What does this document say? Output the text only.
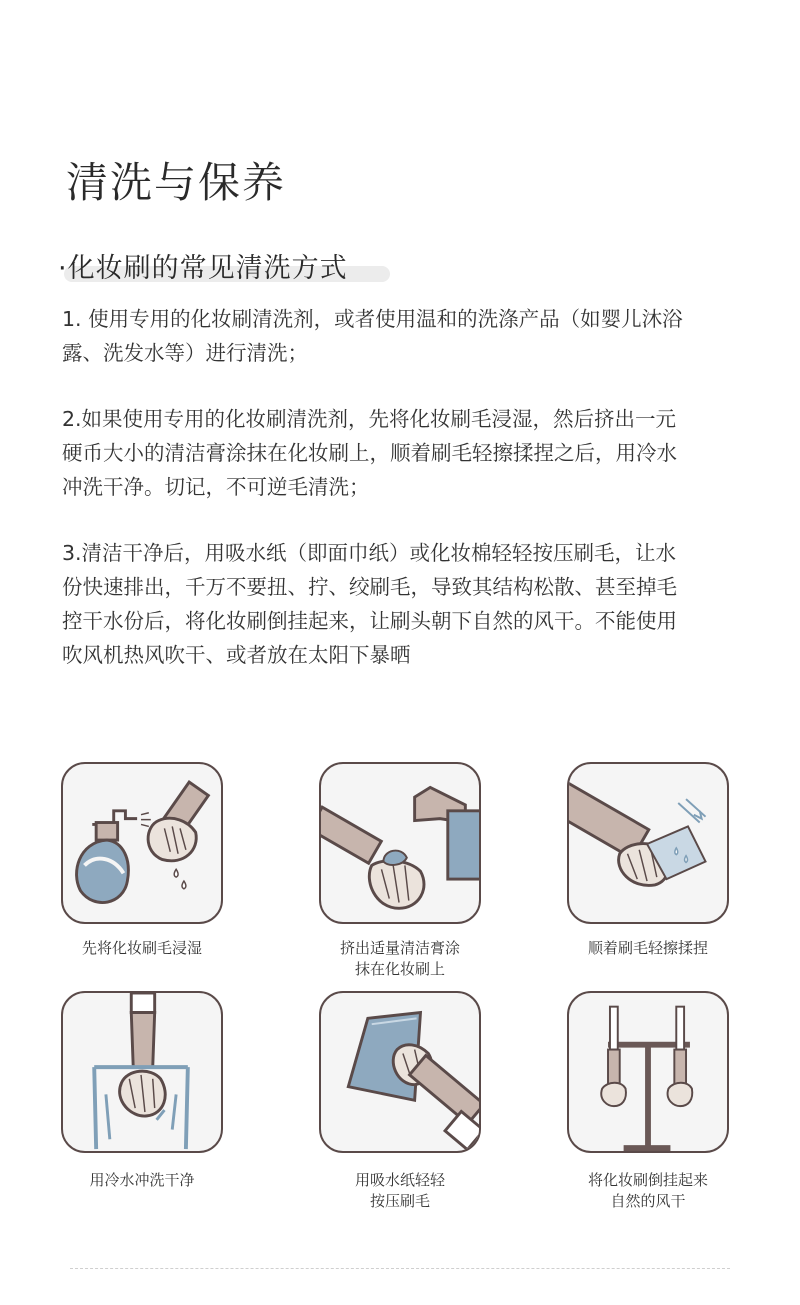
清洗与保养
·化妆刷的常见清洗方式

1. 使用专用的化妆刷清洗剂，或者使用温和的洗涤产品（如婴儿沐浴
露、洗发水等）进行清洗；

2.如果使用专用的化妆刷清洗剂，先将化妆刷毛浸湿，然后挤出一元
硬币大小的清洁膏涂抹在化妆刷上，顺着刷毛轻擦揉捏之后，用冷水
冲洗干净。切记，不可逆毛清洗；

3.清洁干净后，用吸水纸（即面巾纸）或化妆棉轻轻按压刷毛，让水
份快速排出，千万不要扭、拧、绞刷毛，导致其结构松散、甚至掉毛
控干水份后，将化妆刷倒挂起来，让刷头朝下自然的风干。不能使用
吹风机热风吹干、或者放在太阳下暴晒

先将化妆刷毛浸湿	挤出适量清洁膏涂
抹在化妆刷上
顺着刷毛轻擦揉捏
用冷水冲洗干净	用吸水纸轻轻
按压刷毛
将化妆刷倒挂起来
自然的风干
